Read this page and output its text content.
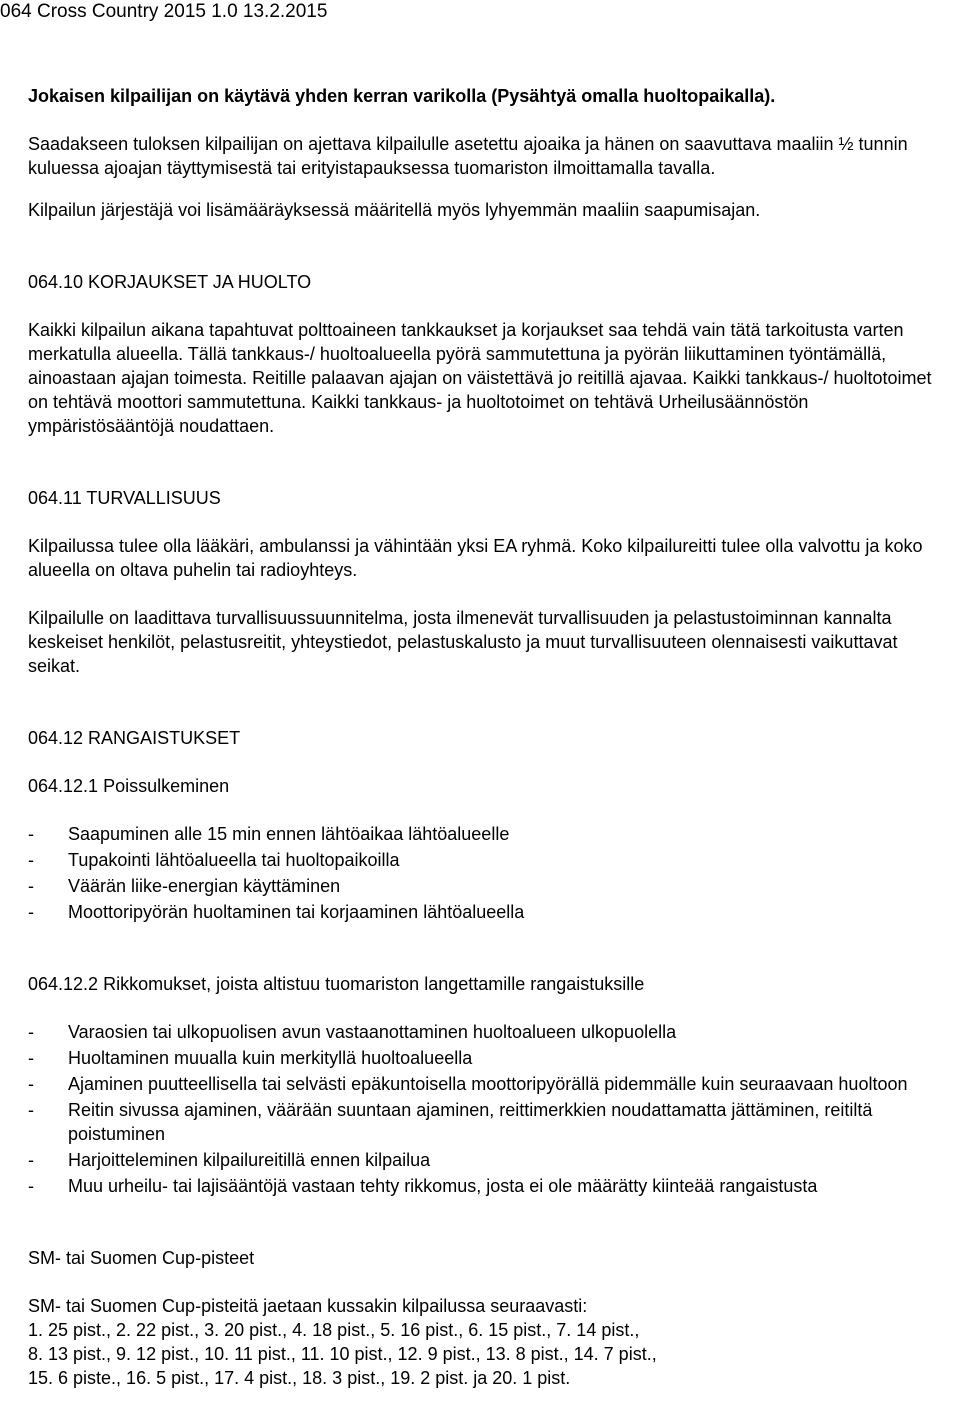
064 Cross Country 2015 1.0 13.2.2015

Jokaisen kilpailijan on käytävä yhden kerran varikolla (Pysähtyä omalla huoltopaikalla).

Saadakseen tuloksen kilpailijan on ajettava kilpailulle asetettu ajoaika ja hänen on saavuttava maaliin ½ tunnin kuluessa ajoajan täyttymisestä tai erityistapauksessa tuomariston ilmoittamalla tavalla.

Kilpailun järjestäjä voi lisämääräyksessä määritellä myös lyhyemmän maaliin saapumisajan.

064.10 KORJAUKSET JA HUOLTO

Kaikki kilpailun aikana tapahtuvat polttoaineen tankkaukset ja korjaukset saa tehdä vain tätä tarkoitusta varten merkatulla alueella. Tällä tankkaus-/ huoltoalueella pyörä sammutettuna ja pyörän liikuttaminen työntämällä, ainoastaan ajajan toimesta. Reitille palaavan ajajan on väistettävä jo reitillä ajavaa. Kaikki tankkaus-/ huoltotoimet on tehtävä moottori sammutettuna. Kaikki tankkaus- ja huoltotoimet on tehtävä Urheilusäännöstön ympäristösääntöjä noudattaen.

064.11 TURVALLISUUS

Kilpailussa tulee olla lääkäri, ambulanssi ja vähintään yksi EA ryhmä. Koko kilpailureitti tulee olla valvottu ja koko alueella on oltava puhelin tai radioyhteys.

Kilpailulle on laadittava turvallisuussuunnitelma, josta ilmenevät turvallisuuden ja pelastustoiminnan kannalta keskeiset henkilöt, pelastusreitit, yhteystiedot, pelastuskalusto ja muut turvallisuuteen olennaisesti vaikuttavat seikat.

064.12 RANGAISTUKSET

064.12.1 Poissulkeminen

-	Saapuminen alle 15 min ennen lähtöaikaa lähtöalueelle
-	Tupakointi lähtöalueella tai huoltopaikoilla
-	Väärän liike-energian käyttäminen
-	Moottoripyörän huoltaminen tai korjaaminen lähtöalueella

064.12.2 Rikkomukset, joista altistuu tuomariston langettamille rangaistuksille

-	Varaosien tai ulkopuolisen avun vastaanottaminen huoltoalueen ulkopuolella
-	Huoltaminen muualla kuin merkityllä huoltoalueella
-	Ajaminen puutteellisella tai selvästi epäkuntoisella moottoripyörällä pidemmälle kuin seuraavaan huoltoon
-	Reitin sivussa ajaminen, väärään suuntaan ajaminen, reittimerkkien noudattamatta jättäminen, reitiltä poistuminen
-	Harjoitteleminen kilpailureitillä ennen kilpailua
-	Muu urheilu- tai lajisääntöjä vastaan tehty rikkomus, josta ei ole määrätty kiinteää rangaistusta

SM- tai Suomen Cup-pisteet

SM- tai Suomen Cup-pisteitä jaetaan kussakin kilpailussa seuraavasti:

1. 25 pist., 2. 22 pist., 3. 20 pist., 4. 18 pist., 5. 16 pist., 6. 15 pist., 7. 14 pist.,

8. 13 pist., 9. 12 pist., 10. 11 pist., 11. 10 pist., 12. 9 pist., 13. 8 pist., 14. 7 pist.,

15. 6 piste., 16. 5 pist., 17. 4 pist., 18. 3 pist., 19. 2 pist. ja 20. 1 pist.
